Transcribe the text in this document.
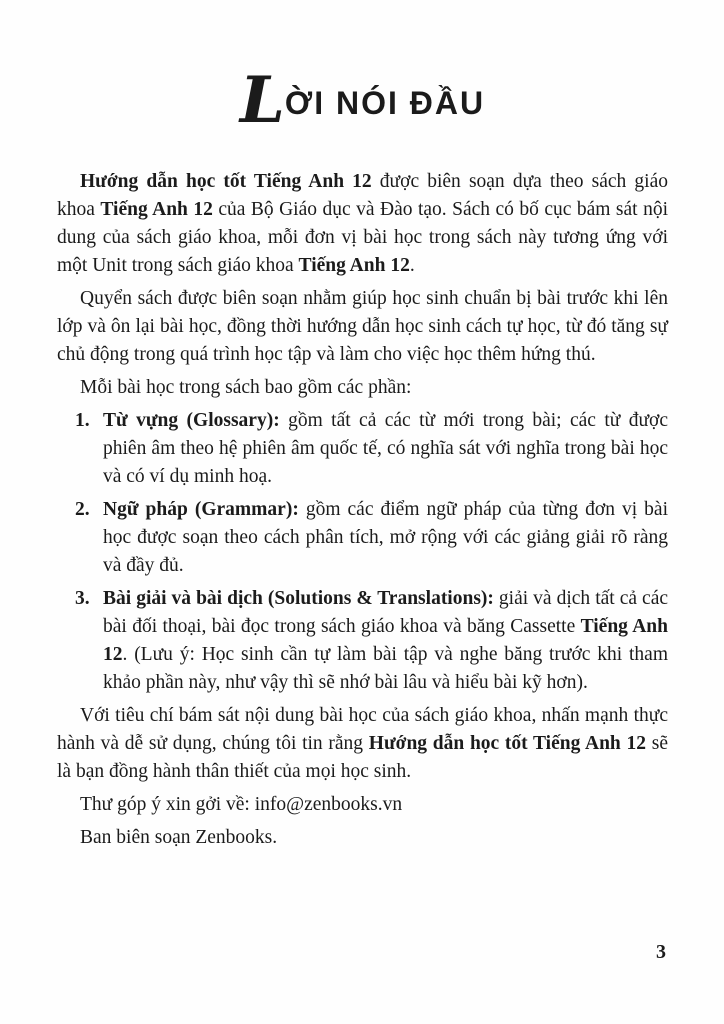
LỜI NÓI ĐẦU

Hướng dẫn học tốt Tiếng Anh 12 được biên soạn dựa theo sách giáo khoa Tiếng Anh 12 của Bộ Giáo dục và Đào tạo. Sách có bố cục bám sát nội dung của sách giáo khoa, mỗi đơn vị bài học trong sách này tương ứng với một Unit trong sách giáo khoa Tiếng Anh 12.

Quyển sách được biên soạn nhằm giúp học sinh chuẩn bị bài trước khi lên lớp và ôn lại bài học, đồng thời hướng dẫn học sinh cách tự học, từ đó tăng sự chủ động trong quá trình học tập và làm cho việc học thêm hứng thú.

Mỗi bài học trong sách bao gồm các phần:

1. Từ vựng (Glossary): gồm tất cả các từ mới trong bài; các từ được phiên âm theo hệ phiên âm quốc tế, có nghĩa sát với nghĩa trong bài học và có ví dụ minh hoạ.
2. Ngữ pháp (Grammar): gồm các điểm ngữ pháp của từng đơn vị bài học được soạn theo cách phân tích, mở rộng với các giảng giải rõ ràng và đầy đủ.
3. Bài giải và bài dịch (Solutions & Translations): giải và dịch tất cả các bài đối thoại, bài đọc trong sách giáo khoa và băng Cassette Tiếng Anh 12. (Lưu ý: Học sinh cần tự làm bài tập và nghe băng trước khi tham khảo phần này, như vậy thì sẽ nhớ bài lâu và hiểu bài kỹ hơn).

Với tiêu chí bám sát nội dung bài học của sách giáo khoa, nhấn mạnh thực hành và dễ sử dụng, chúng tôi tin rằng Hướng dẫn học tốt Tiếng Anh 12 sẽ là bạn đồng hành thân thiết của mọi học sinh.

Thư góp ý xin gởi về: info@zenbooks.vn

Ban biên soạn Zenbooks.

3
